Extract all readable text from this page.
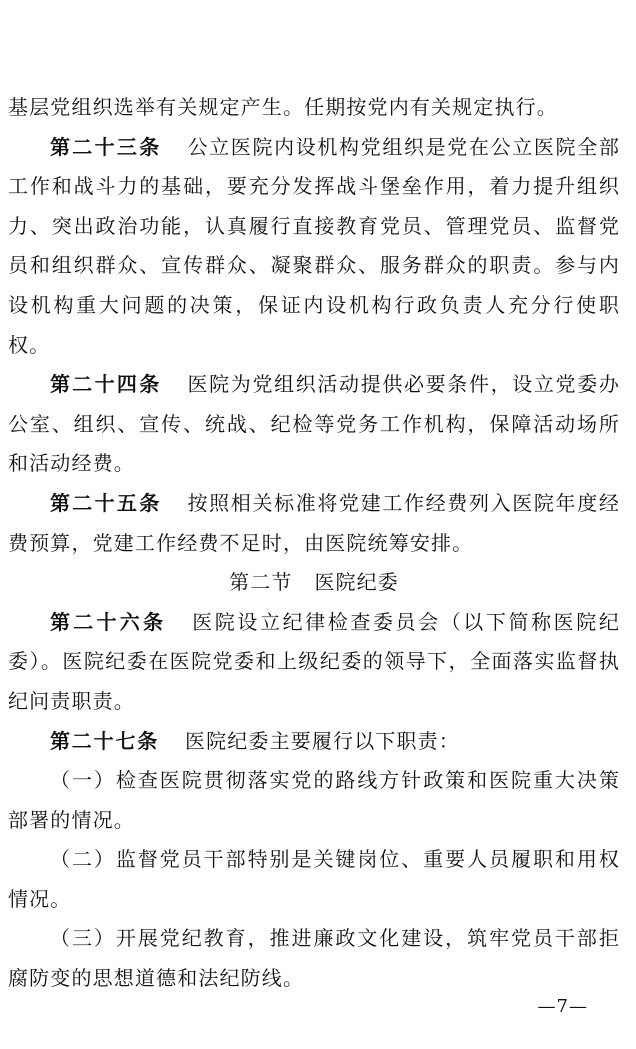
基层党组织选举有关规定产生。任期按党内有关规定执行。

第二十三条 公立医院内设机构党组织是党在公立医院全部工作和战斗力的基础，要充分发挥战斗堡垒作用，着力提升组织力、突出政治功能，认真履行直接教育党员、管理党员、监督党员和组织群众、宣传群众、凝聚群众、服务群众的职责。参与内设机构重大问题的决策，保证内设机构行政负责人充分行使职权。

第二十四条 医院为党组织活动提供必要条件，设立党委办公室、组织、宣传、统战、纪检等党务工作机构，保障活动场所和活动经费。

第二十五条 按照相关标准将党建工作经费列入医院年度经费预算，党建工作经费不足时，由医院统筹安排。

第二节 医院纪委

第二十六条 医院设立纪律检查委员会（以下简称医院纪委）。医院纪委在医院党委和上级纪委的领导下，全面落实监督执纪问责职责。

第二十七条 医院纪委主要履行以下职责：

（一）检查医院贯彻落实党的路线方针政策和医院重大决策部署的情况。

（二）监督党员干部特别是关键岗位、重要人员履职和用权情况。

（三）开展党纪教育，推进廉政文化建设，筑牢党员干部拒腐防变的思想道德和法纪防线。

—7—
